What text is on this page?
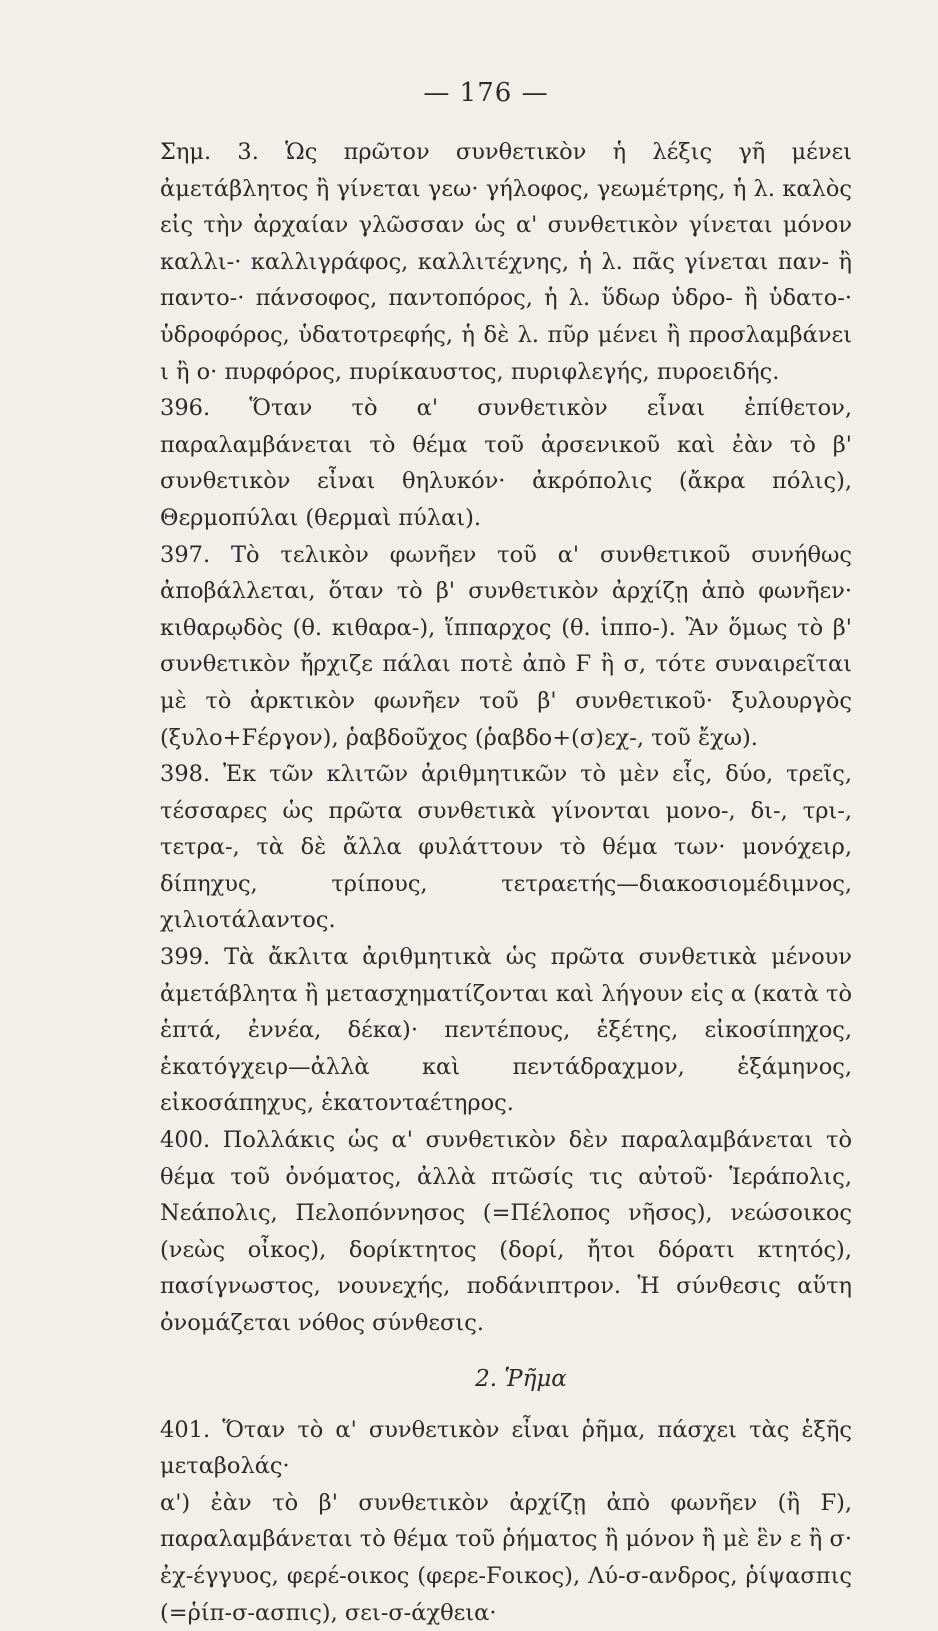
— 176 —

Σημ. 3. Ὡς πρῶτον συνθετικὸν ἡ λέξις γῆ μένει ἀμετάβλητος ἢ γίνεται γεω· γήλοφος, γεωμέτρης, ἡ λ. καλὸς εἰς τὴν ἀρχαίαν γλῶσσαν ὡς α' συνθετικὸν γίνεται μόνον καλλι-· καλλιγράφος, καλλιτέχνης, ἡ λ. πᾶς γίνεται παν- ἢ παντο-· πάνσοφος, παντοπόρος, ἡ λ. ὕδωρ ὑδρο- ἢ ὑδατο-· ὑδροφόρος, ὑδατοτρεφής, ἡ δὲ λ. πῦρ μένει ἢ προσλαμβάνει ι ἢ ο· πυρφόρος, πυρίκαυστος, πυριφλεγής, πυροειδής.

396. Ὅταν τὸ α' συνθετικὸν εἶναι ἐπίθετον, παραλαμβάνεται τὸ θέμα τοῦ ἀρσενικοῦ καὶ ἐὰν τὸ β' συνθετικὸν εἶναι θηλυκόν· ἀκρόπολις (ἄκρα πόλις), Θερμοπύλαι (θερμαὶ πύλαι).

397. Τὸ τελικὸν φωνῆεν τοῦ α' συνθετικοῦ συνήθως ἀποβάλλεται, ὅταν τὸ β' συνθετικὸν ἀρχίζῃ ἀπὸ φωνῆεν· κιθαρῳδὸς (θ. κιθαρα-), ἵππαρχος (θ. ἱππο-). Ἂν ὅμως τὸ β' συνθετικὸν ἤρχιζε πάλαι ποτὲ ἀπὸ Ϝ ἢ σ, τότε συναιρεῖται μὲ τὸ ἀρκτικὸν φωνῆεν τοῦ β' συνθετικοῦ· ξυλουργὸς (ξυλο+Ϝέργον), ῥαβδοῦχος (ῥαβδο+(σ)εχ-, τοῦ ἔχω).

398. Ἐκ τῶν κλιτῶν ἀριθμητικῶν τὸ μὲν εἷς, δύο, τρεῖς, τέσσαρες ὡς πρῶτα συνθετικὰ γίνονται μονο-, δι-, τρι-, τετρα-, τὰ δὲ ἄλλα φυλάττουν τὸ θέμα των· μονόχειρ, δίπηχυς, τρίπους, τετραετής—διακοσιομέδιμνος, χιλιοτάλαντος.

399. Τὰ ἄκλιτα ἀριθμητικὰ ὡς πρῶτα συνθετικὰ μένουν ἀμετάβλητα ἢ μετασχηματίζονται καὶ λήγουν εἰς α (κατὰ τὸ ἑπτά, ἐννέα, δέκα)· πεντέπους, ἑξέτης, εἰκοσίπηχος, ἑκατόγχειρ—ἀλλὰ καὶ πεντάδραχμον, ἑξάμηνος, εἰκοσάπηχυς, ἑκατονταέτηρος.

400. Πολλάκις ὡς α' συνθετικὸν δὲν παραλαμβάνεται τὸ θέμα τοῦ ὀνόματος, ἀλλὰ πτῶσίς τις αὐτοῦ· Ἱεράπολις, Νεάπολις, Πελοπόννησος (=Πέλοπος νῆσος), νεώσοικος (νεὼς οἶκος), δορίκτητος (δορί, ἤτοι δόρατι κτητός), πασίγνωστος, νουνεχής, ποδάνιπτρον. Ἡ σύνθεσις αὕτη ὀνομάζεται νόθος σύνθεσις.

2. Ῥῆμα

401. Ὅταν τὸ α' συνθετικὸν εἶναι ῥῆμα, πάσχει τὰς ἑξῆς μεταβολάς·

α') ἐὰν τὸ β' συνθετικὸν ἀρχίζῃ ἀπὸ φωνῆεν (ἢ Ϝ), παραλαμβάνεται τὸ θέμα τοῦ ῥήματος ἢ μόνον ἢ μὲ ἓν ε ἢ σ· ἐχ-έγγυος, φερέ-οικος (φερε-Ϝοικος), Λύ-σ-ανδρος, ῥίψασπις (=ῥίπ-σ-ασπις), σει-σ-άχθεια·
